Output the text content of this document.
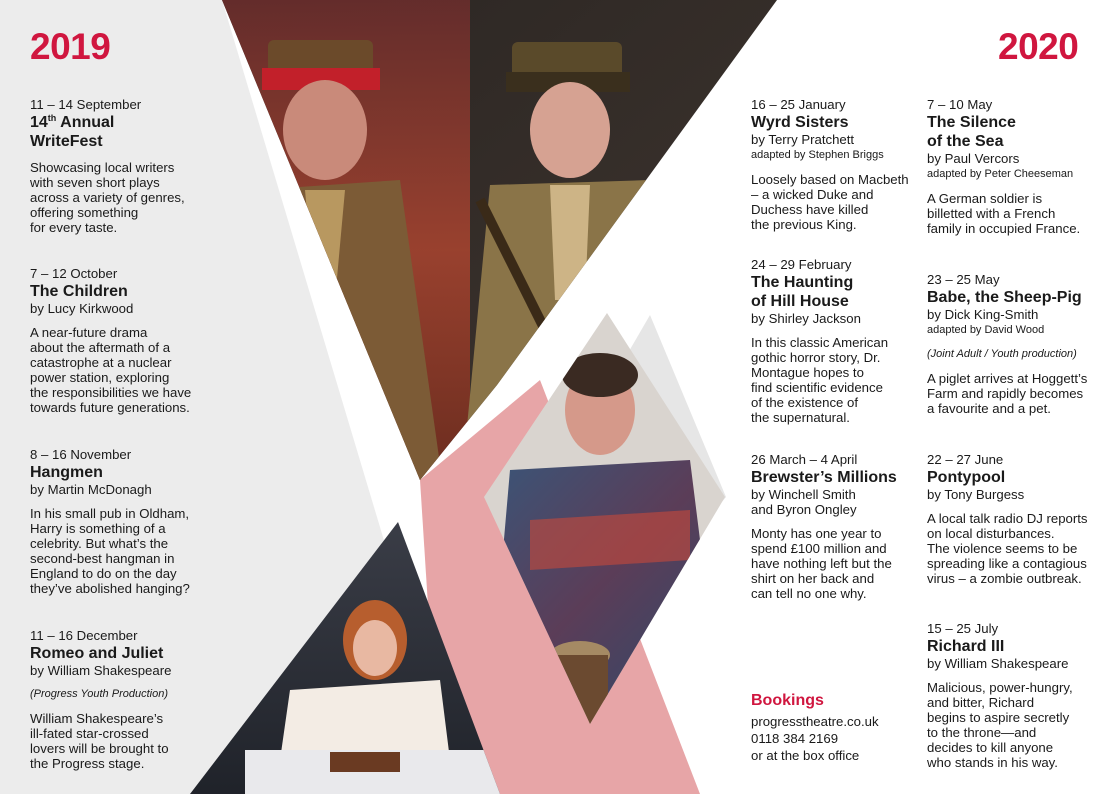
2019	2020
11 – 14 September
14th Annual
WriteFest
Showcasing local writers
with seven short plays
across a variety of genres,
offering something
for every taste.
7 – 12 October
The Children
by Lucy Kirkwood
A near-future drama
about the aftermath of a
catastrophe at a nuclear
power station, exploring
the responsibilities we have
towards future generations.
8 – 16 November
Hangmen
by Martin McDonagh
In his small pub in Oldham,
Harry is something of a
celebrity. But what’s the
second-best hangman in
England to do on the day
they’ve abolished hanging?
11 – 16 December
Romeo and Juliet
by William Shakespeare
(Progress Youth Production)
William Shakespeare’s
ill-fated star-crossed
lovers will be brought to
the Progress stage.
16 – 25 January
Wyrd Sisters
by Terry Pratchett
adapted by Stephen Briggs
Loosely based on Macbeth
– a wicked Duke and
Duchess have killed
the previous King.
24 – 29 February
The Haunting
of Hill House
by Shirley Jackson
In this classic American
gothic horror story, Dr.
Montague hopes to
find scientific evidence
of the existence of
the supernatural.
26 March – 4 April
Brewster’s Millions
by Winchell Smith
and Byron Ongley
Monty has one year to
spend £100 million and
have nothing left but the
shirt on her back and
can tell no one why.
7 – 10 May
The Silence
of the Sea
by Paul Vercors
adapted by Peter Cheeseman
A German soldier is
billetted with a French
family in occupied France.
23 – 25 May
Babe, the Sheep-Pig
by Dick King-Smith
adapted by David Wood
(Joint Adult / Youth production)
A piglet arrives at Hoggett’s
Farm and rapidly becomes
a favourite and a pet.
22 – 27 June
Pontypool
by Tony Burgess
A local talk radio DJ reports
on local disturbances.
The violence seems to be
spreading like a contagious
virus – a zombie outbreak.
15 – 25 July
Richard III
by William Shakespeare
Malicious, power-hungry,
and bitter, Richard
begins to aspire secretly
to the throne—and
decides to kill anyone
who stands in his way.
Bookings
progresstheatre.co.uk
0118 384 2169
or at the box office
